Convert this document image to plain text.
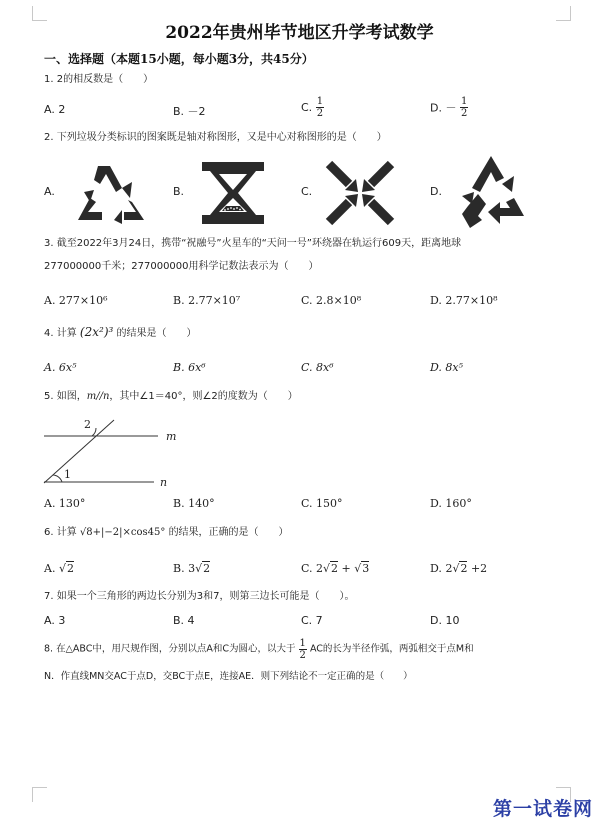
2022年贵州毕节地区升学考试数学
一、选择题（本题15小题，每小题3分，共45分）
1. 2的相反数是（　　）
A. 2	B. －2	C. $\frac{1}{2}$	D. － $\frac{1}{2}$
2. 下列垃圾分类标识的图案既是轴对称图形，又是中心对称图形的是（　　）
A.	B.	C.	D.
3. 截至2022年3月24日，携带“祝融号”火星车的“天问一号”环绕器在轨运行609天，距离地球
277000000千米；277000000用科学记数法表示为（　　）
A. 277×10⁶	B. 2.77×10⁷	C. 2.8×10⁸	D. 2.77×10⁸
4. 计算 (2x²)³ 的结果是（　　）
A. 6x⁵	B. 6x⁶	C. 8x⁶	D. 8x⁵
5. 如图，m//n，其中∠1＝40°，则∠2的度数为（　　）
m
n
1
2
A. 130°	B. 140°	C. 150°	D. 160°
6. 计算 √8+|−2|×cos45° 的结果，正确的是（　　）
A. √2	B. 3√2	C. 2√2 + √3	D. 2√2 +2
7. 如果一个三角形的两边长分别为3和7，则第三边长可能是（　　）。
A. 3	B. 4	C. 7	D. 10
8. 在△ABC中，用尺规作图，分别以点A和C为圆心，以大于 $\frac{1}{2}$ AC的长为半径作弧，两弧相交于点M和
N．作直线MN交AC于点D，交BC于点E，连接AE．则下列结论不一定正确的是（　　）
第一试卷网
